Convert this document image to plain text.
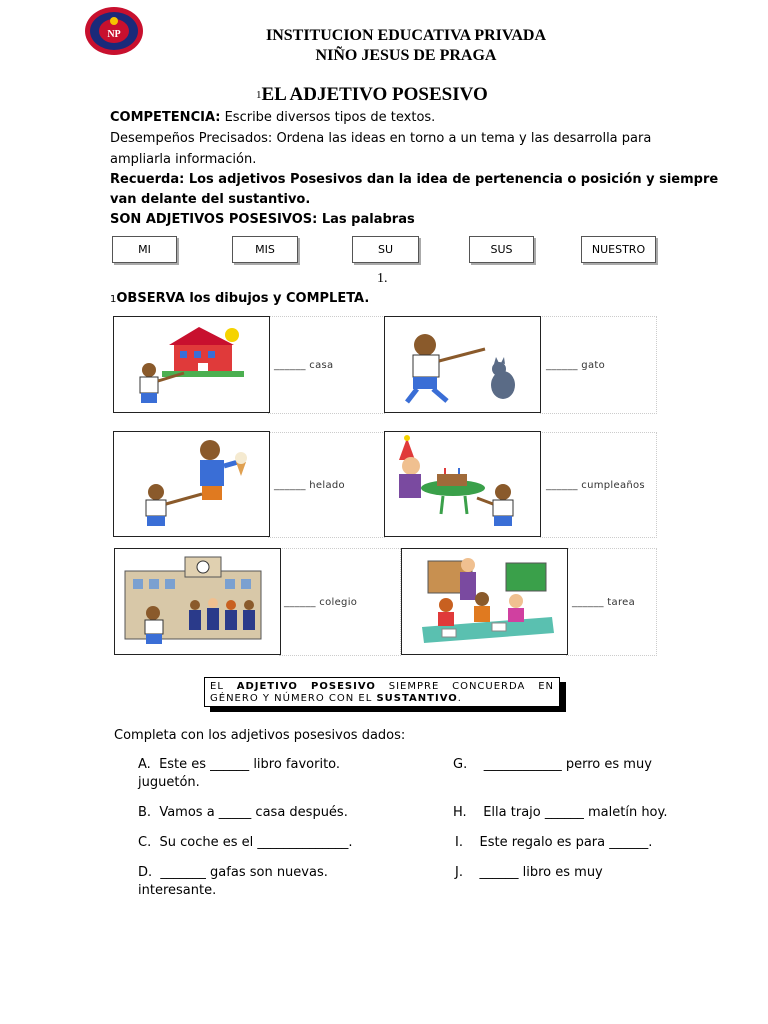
NP	INSTITUCION EDUCATIVA PRIVADA
NIÑO JESUS DE PRAGA
$^1$EL ADJETIVO POSESIVO
COMPETENCIA: Escribe diversos tipos de textos.
Desempeños Precisados: Ordena las ideas en torno a un tema y las desarrolla para
ampliarla información.
Recuerda: Los adjetivos Posesivos dan la idea de pertenencia o posición y siempre
van delante del sustantivo.
SON ADJETIVOS POSESIVOS: Las palabras
MI	MIS	SU	SUS	NUESTRO
1.
1OBSERVA los dibujos y COMPLETA.
______ casa	______ gato
______ helado	______ cumpleaños
______ colegio	______ tarea
EL ADJETIVO POSESIVO SIEMPRE CONCUERDA EN GÉNERO Y NÚMERO CON EL SUSTANTIVO.
Completa con los adjetivos posesivos dados:
A. Este es ______ libro favorito.
juguetón.
G. ____________ perro es muy
B. Vamos a _____ casa después.	H. Ella trajo ______ maletín hoy.
C. Su coche es el ______________.	I. Este regalo es para ______.
D. _______ gafas son nuevas.
interesante.
J. ______ libro es muy
